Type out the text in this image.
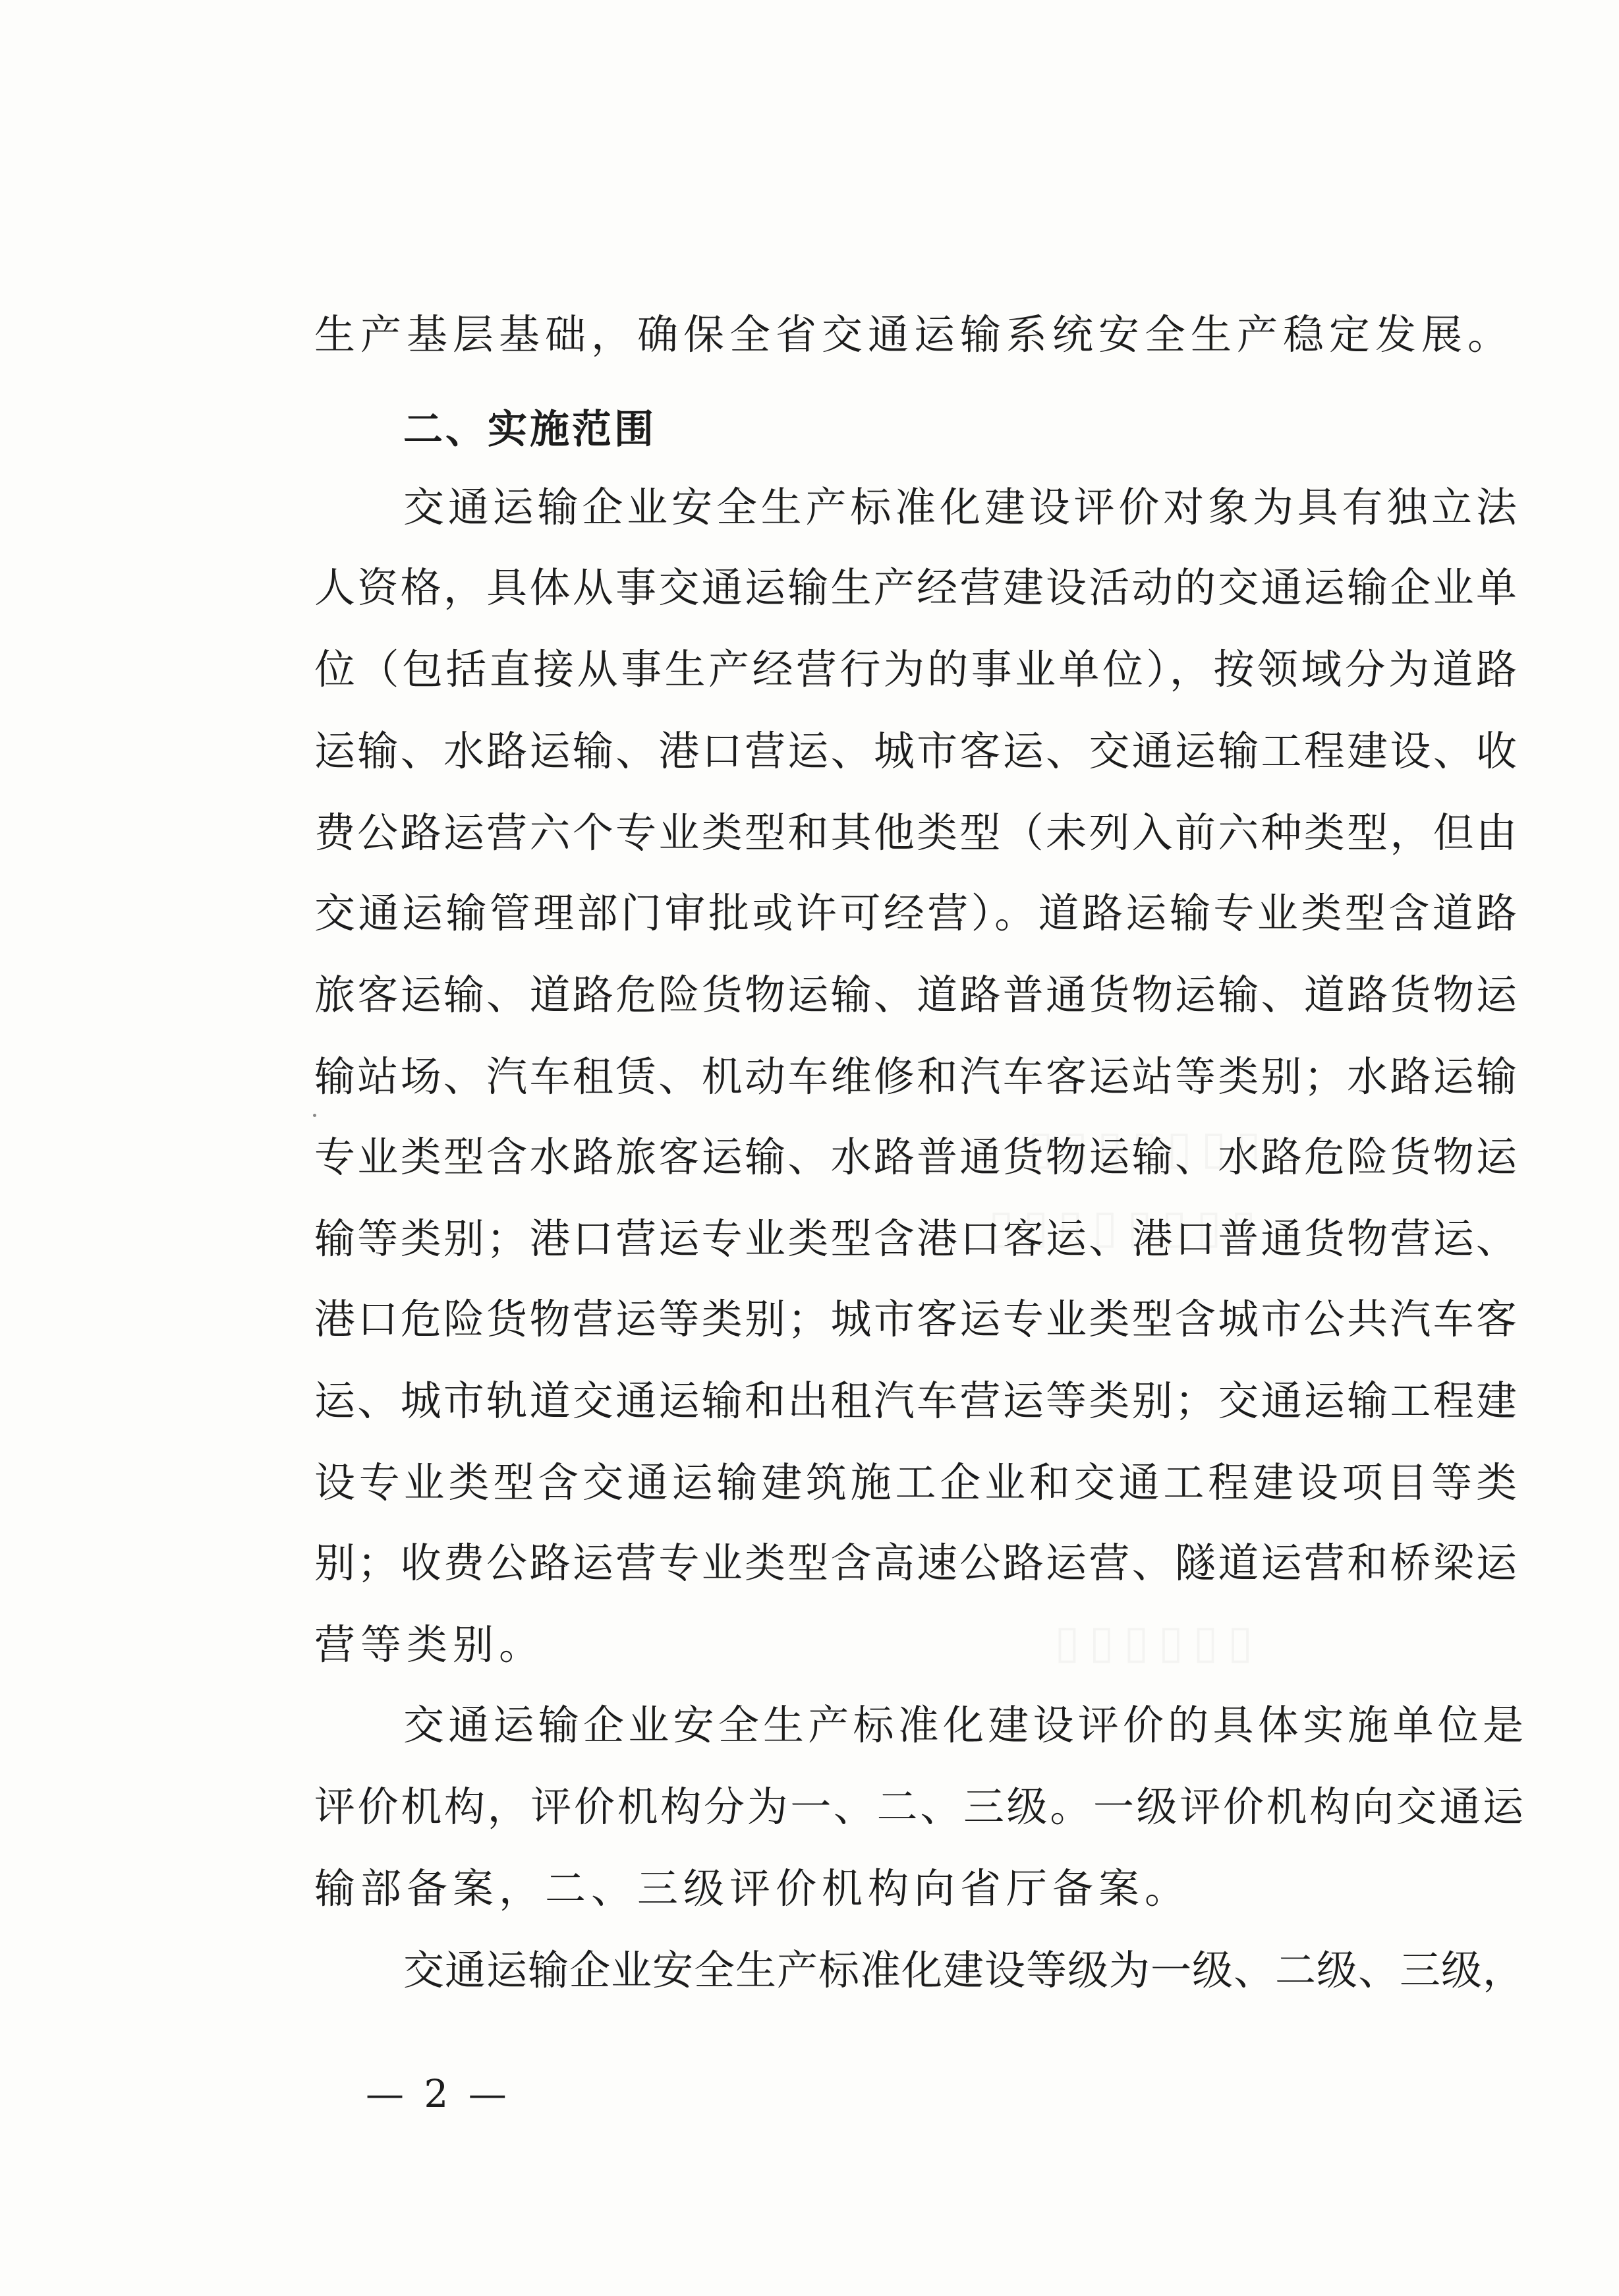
生产基层基础，确保全省交通运输系统安全生产稳定发展。
二、实施范围
交通运输企业安全生产标准化建设评价对象为具有独立法
人资格，具体从事交通运输生产经营建设活动的交通运输企业单
位（包括直接从事生产经营行为的事业单位），按领域分为道路
运输、水路运输、港口营运、城市客运、交通运输工程建设、收
费公路运营六个专业类型和其他类型（未列入前六种类型，但由
交通运输管理部门审批或许可经营）。道路运输专业类型含道路
旅客运输、道路危险货物运输、道路普通货物运输、道路货物运
输站场、汽车租赁、机动车维修和汽车客运站等类别；水路运输
专业类型含水路旅客运输、水路普通货物运输、水路危险货物运
输等类别；港口营运专业类型含港口客运、港口普通货物营运、
港口危险货物营运等类别；城市客运专业类型含城市公共汽车客
运、城市轨道交通运输和出租汽车营运等类别；交通运输工程建
设专业类型含交通运输建筑施工企业和交通工程建设项目等类
别；收费公路运营专业类型含高速公路运营、隧道运营和桥梁运
营等类别。
交通运输企业安全生产标准化建设评价的具体实施单位是
评价机构，评价机构分为一、二、三级。一级评价机构向交通运
输部备案，二、三级评价机构向省厅备案。
交通运输企业安全生产标准化建设等级为一级、二级、三级，
— 2 —
